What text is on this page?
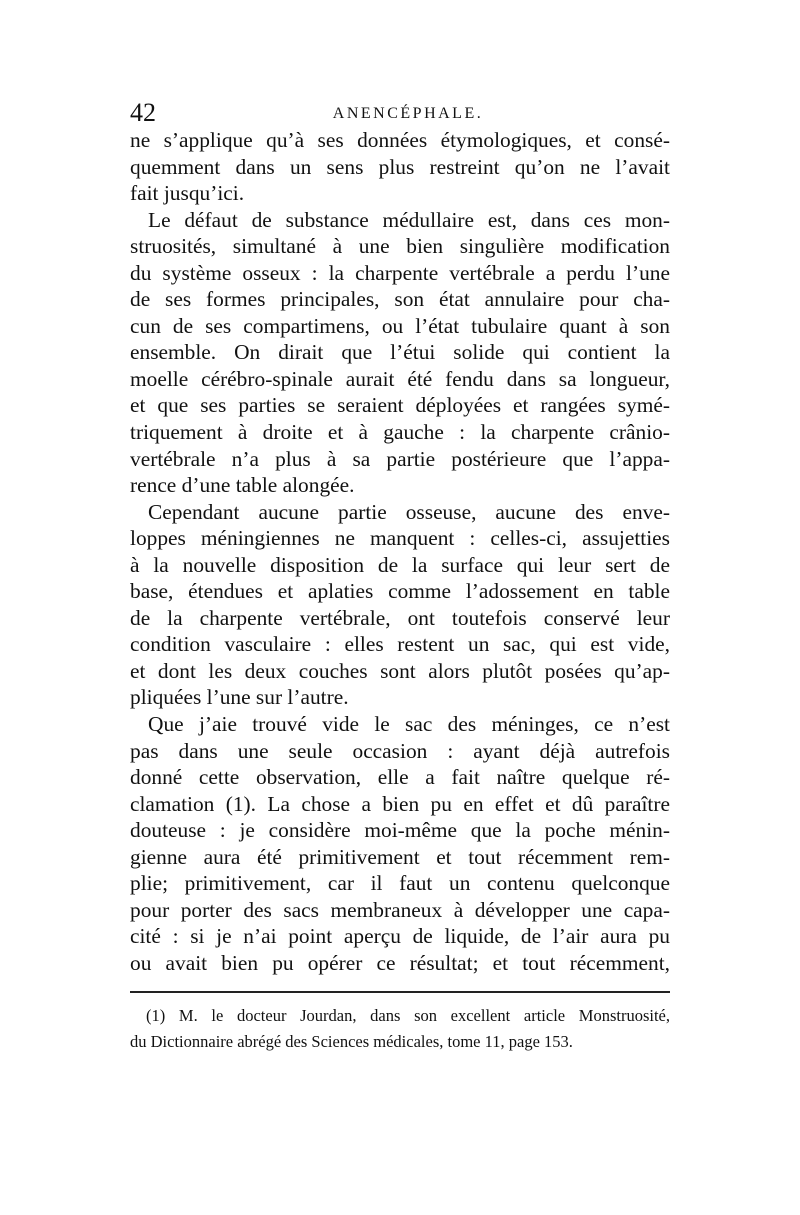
42	ANENCÉPHALE.
ne s’applique qu’à ses données étymologiques, et consé-
quemment dans un sens plus restreint qu’on ne l’avait
fait jusqu’ici.
Le défaut de substance médullaire est, dans ces mon-
struosités, simultané à une bien singulière modification
du système osseux : la charpente vertébrale a perdu l’une
de ses formes principales, son état annulaire pour cha-
cun de ses compartimens, ou l’état tubulaire quant à son
ensemble. On dirait que l’étui solide qui contient la
moelle cérébro-spinale aurait été fendu dans sa longueur,
et que ses parties se seraient déployées et rangées symé-
triquement à droite et à gauche : la charpente crânio-
vertébrale n’a plus à sa partie postérieure que l’appa-
rence d’une table alongée.
Cependant aucune partie osseuse, aucune des enve-
loppes méningiennes ne manquent : celles-ci, assujetties
à la nouvelle disposition de la surface qui leur sert de
base, étendues et aplaties comme l’adossement en table
de la charpente vertébrale, ont toutefois conservé leur
condition vasculaire : elles restent un sac, qui est vide,
et dont les deux couches sont alors plutôt posées qu’ap-
pliquées l’une sur l’autre.
Que j’aie trouvé vide le sac des méninges, ce n’est
pas dans une seule occasion : ayant déjà autrefois
donné cette observation, elle a fait naître quelque ré-
clamation (1). La chose a bien pu en effet et dû paraître
douteuse : je considère moi-même que la poche ménin-
gienne aura été primitivement et tout récemment rem-
plie; primitivement, car il faut un contenu quelconque
pour porter des sacs membraneux à développer une capa-
cité : si je n’ai point aperçu de liquide, de l’air aura pu
ou avait bien pu opérer ce résultat; et tout récemment,
(1) M. le docteur Jourdan, dans son excellent article Monstruosité,
du Dictionnaire abrégé des Sciences médicales, tome 11, page 153.
